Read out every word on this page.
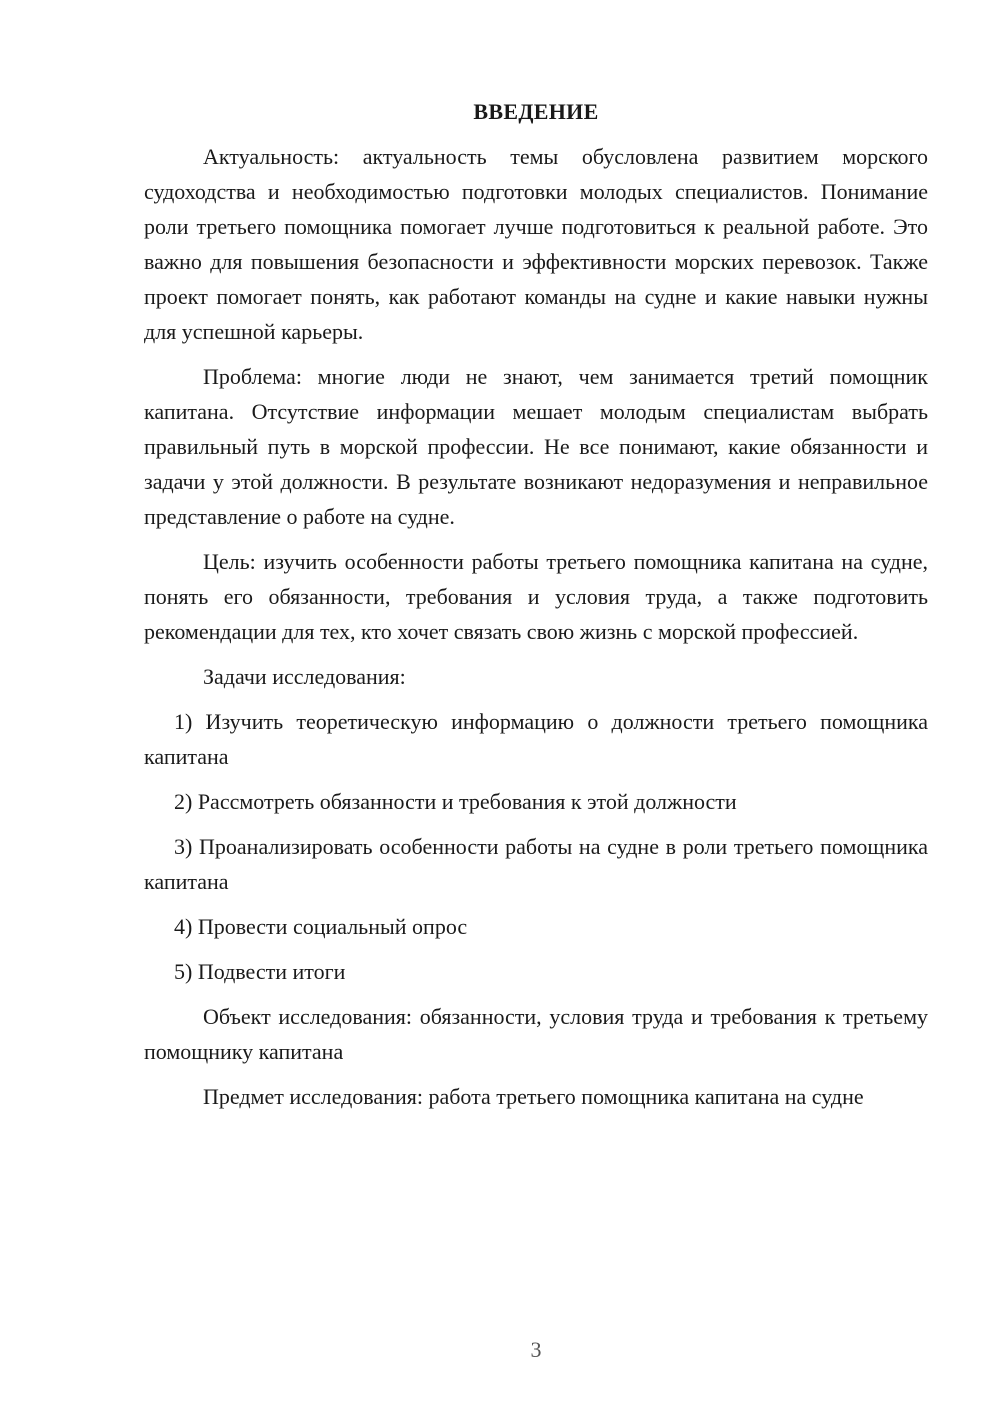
ВВЕДЕНИЕ

Актуальность: актуальность темы обусловлена развитием морского судоходства и необходимостью подготовки молодых специалистов. Понимание роли третьего помощника помогает лучше подготовиться к реальной работе. Это важно для повышения безопасности и эффективности морских перевозок. Также проект помогает понять, как работают команды на судне и какие навыки нужны для успешной карьеры.

Проблема: многие люди не знают, чем занимается третий помощник капитана. Отсутствие информации мешает молодым специалистам выбрать правильный путь в морской профессии. Не все понимают, какие обязанности и задачи у этой должности. В результате возникают недоразумения и неправильное представление о работе на судне.

Цель: изучить особенности работы третьего помощника капитана на судне, понять его обязанности, требования и условия труда, а также подготовить рекомендации для тех, кто хочет связать свою жизнь с морской профессией.

Задачи исследования:

1) Изучить теоретическую информацию о должности третьего помощника капитана

2) Рассмотреть обязанности и требования к этой должности

3) Проанализировать особенности работы на судне в роли третьего помощника капитана

4) Провести социальный опрос

5) Подвести итоги

Объект исследования: обязанности, условия труда и требования к третьему помощнику капитана

Предмет исследования: работа третьего помощника капитана на судне

3
